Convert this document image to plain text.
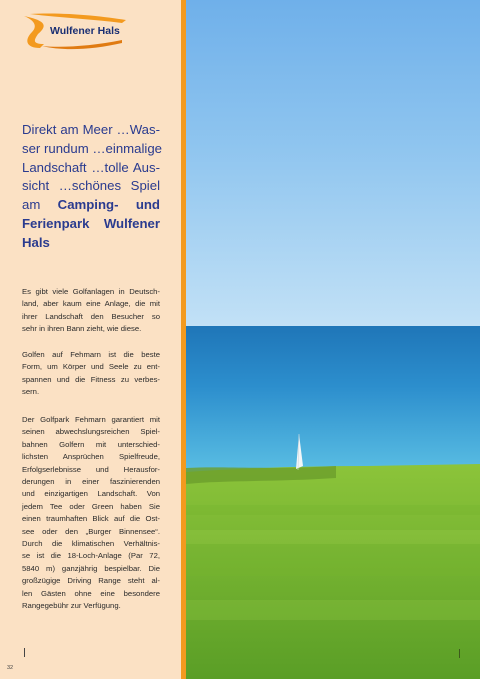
Wulfener Hals
Direkt am Meer …Was-
ser rundum …einmalige
Landschaft …tolle Aus-
sicht …schönes Spiel
am Camping- und
Ferienpark Wulfener
Hals
Es gibt viele Golfanlagen in Deutsch-
land, aber kaum eine Anlage, die mit
ihrer Landschaft den Besucher so
sehr in ihren Bann zieht, wie diese.
Golfen auf Fehmarn ist die beste
Form, um Körper und Seele zu ent-
spannen und die Fitness zu verbes-
sern.
Der Golfpark Fehmarn garantiert mit
seinen abwechslungsreichen Spiel-
bahnen Golfern mit unterschied-
lichsten Ansprüchen Spielfreude,
Erfolgserlebnisse und Herausfor-
derungen in einer faszinierenden
und einzigartigen Landschaft. Von
jedem Tee oder Green haben Sie
einen traumhaften Blick auf die Ost-
see oder den „Burger Binnensee“.
Durch die klimatischen Verhältnis-
se ist die 18-Loch-Anlage (Par 72,
5840 m) ganzjährig bespielbar. Die
großzügige Driving Range steht al-
len Gästen ohne eine besondere
Rangegebühr zur Verfügung.
32
